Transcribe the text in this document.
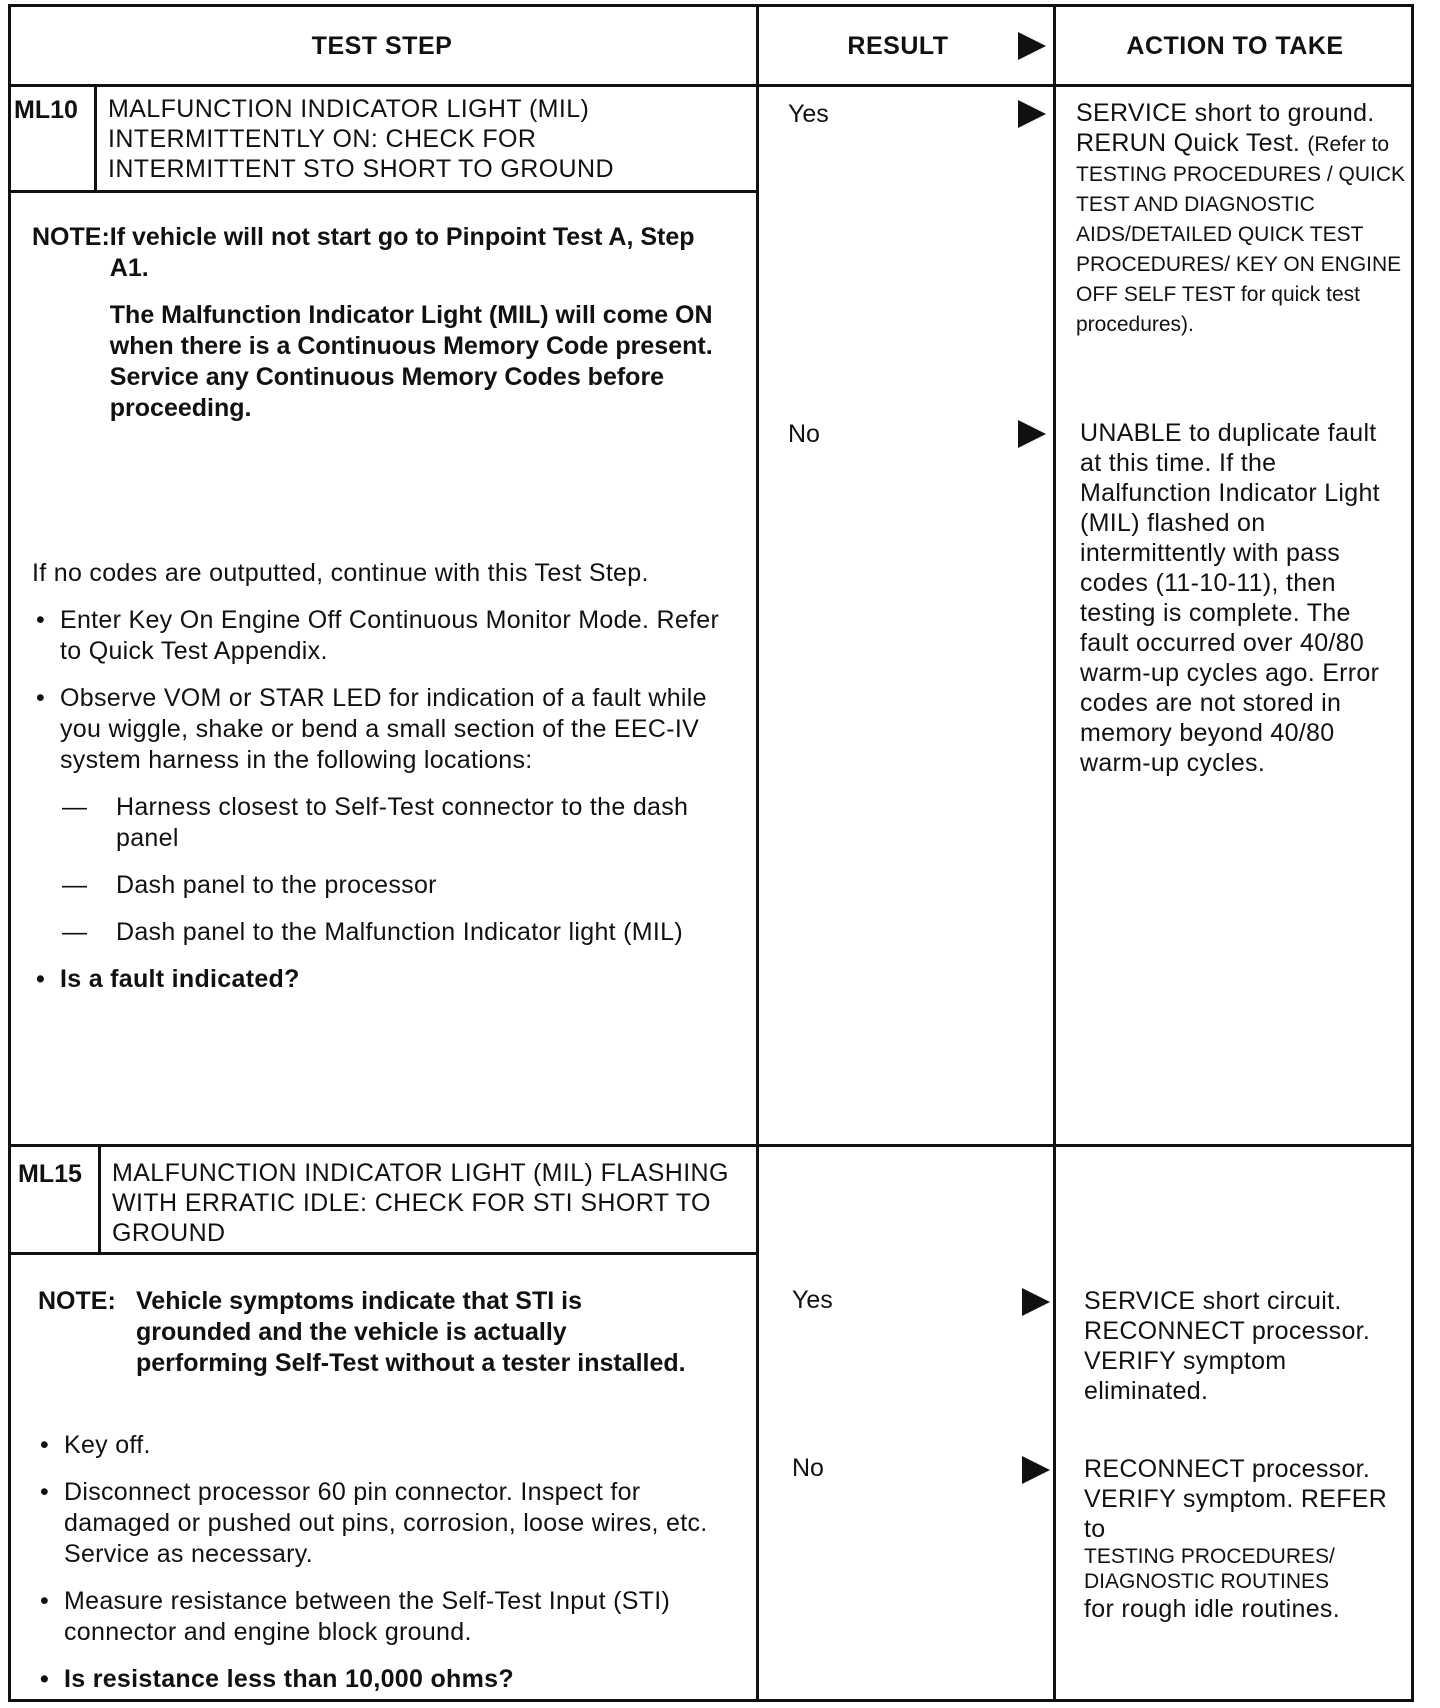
TEST STEP	RESULT	ACTION TO TAKE
ML10 MALFUNCTION INDICATOR LIGHT (MIL) INTERMITTENTLY ON: CHECK FOR INTERMITTENT STO SHORT TO GROUND
NOTE: If vehicle will not start go to Pinpoint Test A, Step A1.

The Malfunction Indicator Light (MIL) will come ON when there is a Continuous Memory Code present. Service any Continuous Memory Codes before proceeding.

If no codes are outputted, continue with this Test Step.

• Enter Key On Engine Off Continuous Monitor Mode. Refer to Quick Test Appendix.
• Observe VOM or STAR LED for indication of a fault while you wiggle, shake or bend a small section of the EEC-IV system harness in the following locations:
— Harness closest to Self-Test connector to the dash panel
— Dash panel to the processor
— Dash panel to the Malfunction Indicator light (MIL)
• Is a fault indicated?
Yes	SERVICE short to ground. RERUN Quick Test. (Refer to TESTING PROCEDURES / QUICK TEST AND DIAGNOSTIC AIDS/DETAILED QUICK TEST PROCEDURES/ KEY ON ENGINE OFF SELF TEST for quick test procedures).
No	UNABLE to duplicate fault at this time. If the Malfunction Indicator Light (MIL) flashed on intermittently with pass codes (11-10-11), then testing is complete. The fault occurred over 40/80 warm-up cycles ago. Error codes are not stored in memory beyond 40/80 warm-up cycles.
ML15 MALFUNCTION INDICATOR LIGHT (MIL) FLASHING WITH ERRATIC IDLE: CHECK FOR STI SHORT TO GROUND
NOTE: Vehicle symptoms indicate that STI is grounded and the vehicle is actually performing Self-Test without a tester installed.
• Key off.
• Disconnect processor 60 pin connector. Inspect for damaged or pushed out pins, corrosion, loose wires, etc. Service as necessary.
• Measure resistance between the Self-Test Input (STI) connector and engine block ground.
• Is resistance less than 10,000 ohms?
Yes	SERVICE short circuit. RECONNECT processor. VERIFY symptom eliminated.
No	RECONNECT processor. VERIFY symptom. REFER to
TESTING PROCEDURES/ DIAGNOSTIC ROUTINES
for rough idle routines.
